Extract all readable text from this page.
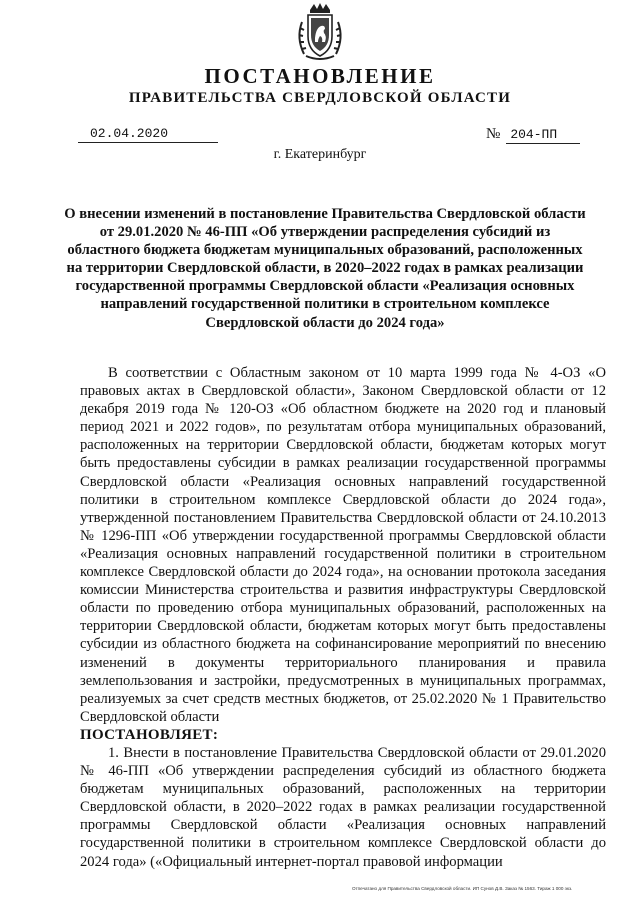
ПОСТАНОВЛЕНИЕ
ПРАВИТЕЛЬСТВА СВЕРДЛОВСКОЙ ОБЛАСТИ
02.04.2020	№ 204-ПП
г. Екатеринбург

О внесении изменений в постановление Правительства Свердловской области от 29.01.2020 № 46-ПП «Об утверждении распределения субсидий из областного бюджета бюджетам муниципальных образований, расположенных на территории Свердловской области, в 2020–2022 годах в рамках реализации государственной программы Свердловской области «Реализация основных направлений государственной политики в строительном комплексе Свердловской области до 2024 года»

В соответствии с Областным законом от 10 марта 1999 года № 4-ОЗ «О правовых актах в Свердловской области», Законом Свердловской области от 12 декабря 2019 года № 120-ОЗ «Об областном бюджете на 2020 год и плановый период 2021 и 2022 годов», по результатам отбора муниципальных образований, расположенных на территории Свердловской области, бюджетам которых могут быть предоставлены субсидии в рамках реализации государственной программы Свердловской области «Реализация основных направлений государственной политики в строительном комплексе Свердловской области до 2024 года», утвержденной постановлением Правительства Свердловской области от 24.10.2013 № 1296-ПП «Об утверждении государственной программы Свердловской области «Реализация основных направлений государственной политики в строительном комплексе Свердловской области до 2024 года», на основании протокола заседания комиссии Министерства строительства и развития инфраструктуры Свердловской области по проведению отбора муниципальных образований, расположенных на территории Свердловской области, бюджетам которых могут быть предоставлены субсидии из областного бюджета на софинансирование мероприятий по внесению изменений в документы территориального планирования и правила землепользования и застройки, предусмотренных в муниципальных программах, реализуемых за счет средств местных бюджетов, от 25.02.2020 № 1 Правительство Свердловской области

ПОСТАНОВЛЯЕТ:

1. Внести в постановление Правительства Свердловской области от 29.01.2020 № 46-ПП «Об утверждении распределения субсидий из областного бюджета бюджетам муниципальных образований, расположенных на территории Свердловской области, в 2020–2022 годах в рамках реализации государственной программы Свердловской области «Реализация основных направлений государственной политики в строительном комплексе Свердловской области до 2024 года» («Официальный интернет-портал правовой информации

Отпечатано для Правительства Свердловской области. ИП Сунов Д.В. Заказ № 1563. Тираж 1 000 экз.
